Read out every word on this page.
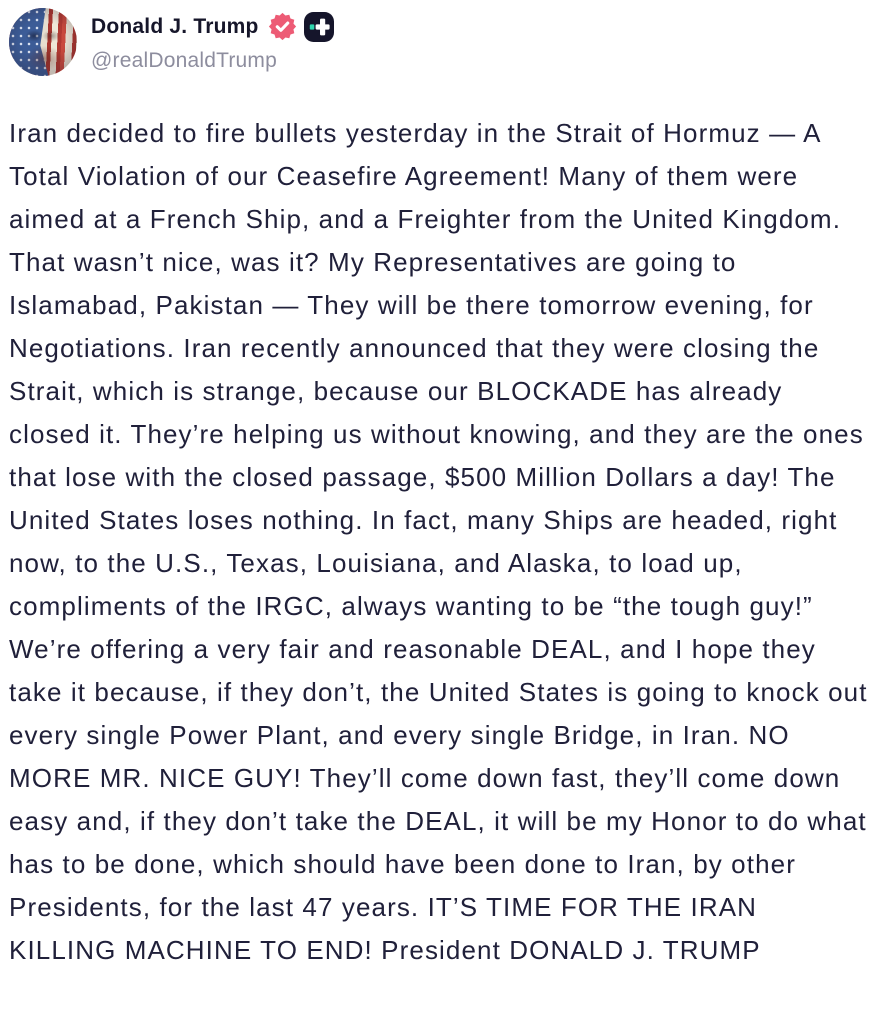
Donald J. Trump
@realDonaldTrump
Iran decided to fire bullets yesterday in the Strait of Hormuz — A Total Violation of our Ceasefire Agreement! Many of them were aimed at a French Ship, and a Freighter from the United Kingdom. That wasn’t nice, was it? My Representatives are going to Islamabad, Pakistan — They will be there tomorrow evening, for Negotiations. Iran recently announced that they were closing the Strait, which is strange, because our BLOCKADE has already closed it. They’re helping us without knowing, and they are the ones that lose with the closed passage, $500 Million Dollars a day! The United States loses nothing. In fact, many Ships are headed, right now, to the U.S., Texas, Louisiana, and Alaska, to load up, compliments of the IRGC, always wanting to be “the tough guy!” We’re offering a very fair and reasonable DEAL, and I hope they take it because, if they don’t, the United States is going to knock out every single Power Plant, and every single Bridge, in Iran. NO MORE MR. NICE GUY! They’ll come down fast, they’ll come down easy and, if they don’t take the DEAL, it will be my Honor to do what has to be done, which should have been done to Iran, by other Presidents, for the last 47 years. IT’S TIME FOR THE IRAN KILLING MACHINE TO END! President DONALD J. TRUMP
